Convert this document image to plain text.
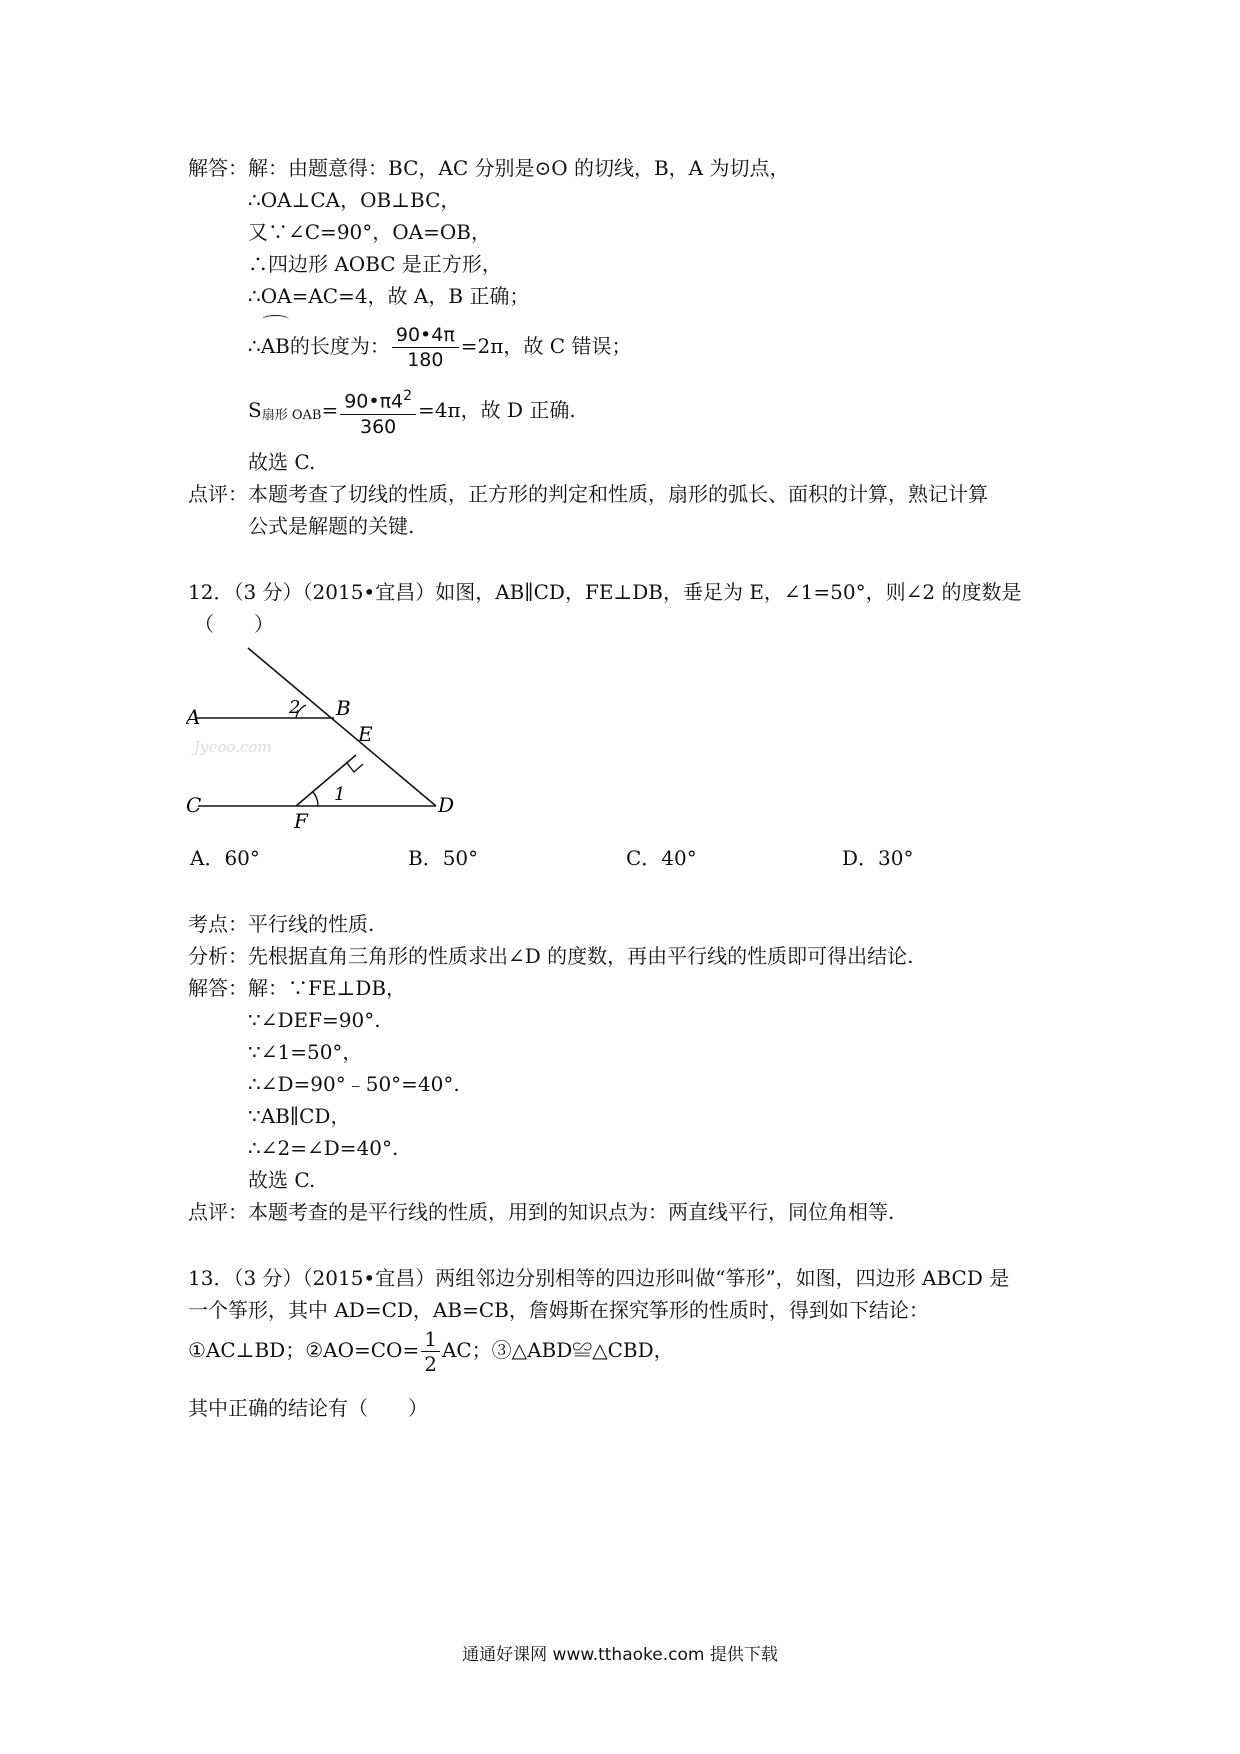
解答：解：由题意得：BC，AC 分别是⊙O 的切线，B，A 为切点，
∴OA⊥CA，OB⊥BC，
又∵∠C=90°，OA=OB，
∴四边形 AOBC 是正方形，
∴OA=AC=4，故 A，B 正确；
∴AB的长度为： $\frac{90•4\pi}{180} =2\pi$，故 C 错误；
S扇形 $OAB= \frac{90•\pi 4^2}{360} =4\pi$，故 D 正确.
故选 C.
点评：本题考查了切线的性质，正方形的判定和性质，扇形的弧长、面积的计算，熟记计算
公式是解题的关键.
12．（3 分）（2015•宜昌）如图，AB∥CD，FE⊥DB，垂足为 E，∠1=50°，则∠2 的度数是
（　　）
2
1
A	B
E
C
F
D
Jyeoo.com
A．60°	B．50°	C．40°	D．30°
考点：平行线的性质.
分析：先根据直角三角形的性质求出∠D 的度数，再由平行线的性质即可得出结论.
解答：解：∵FE⊥DB，
∵∠DEF=90°.
∵∠1=50°，
∴∠D=90°﹣50°=40°.
∵AB∥CD，
∴∠2=∠D=40°.
故选 C.
点评：本题考查的是平行线的性质，用到的知识点为：两直线平行，同位角相等.
13．（3 分）（2015•宜昌）两组邻边分别相等的四边形叫做“筝形”，如图，四边形 ABCD 是
一个筝形，其中 AD=CD，AB=CB，詹姆斯在探究筝形的性质时，得到如下结论：
①AC⊥BD；②AO=CO= $\frac{1}{2}$ AC；③△ABD≌△CBD，
其中正确的结论有（　　）
通通好课网 www.tthaoke.com 提供下载
